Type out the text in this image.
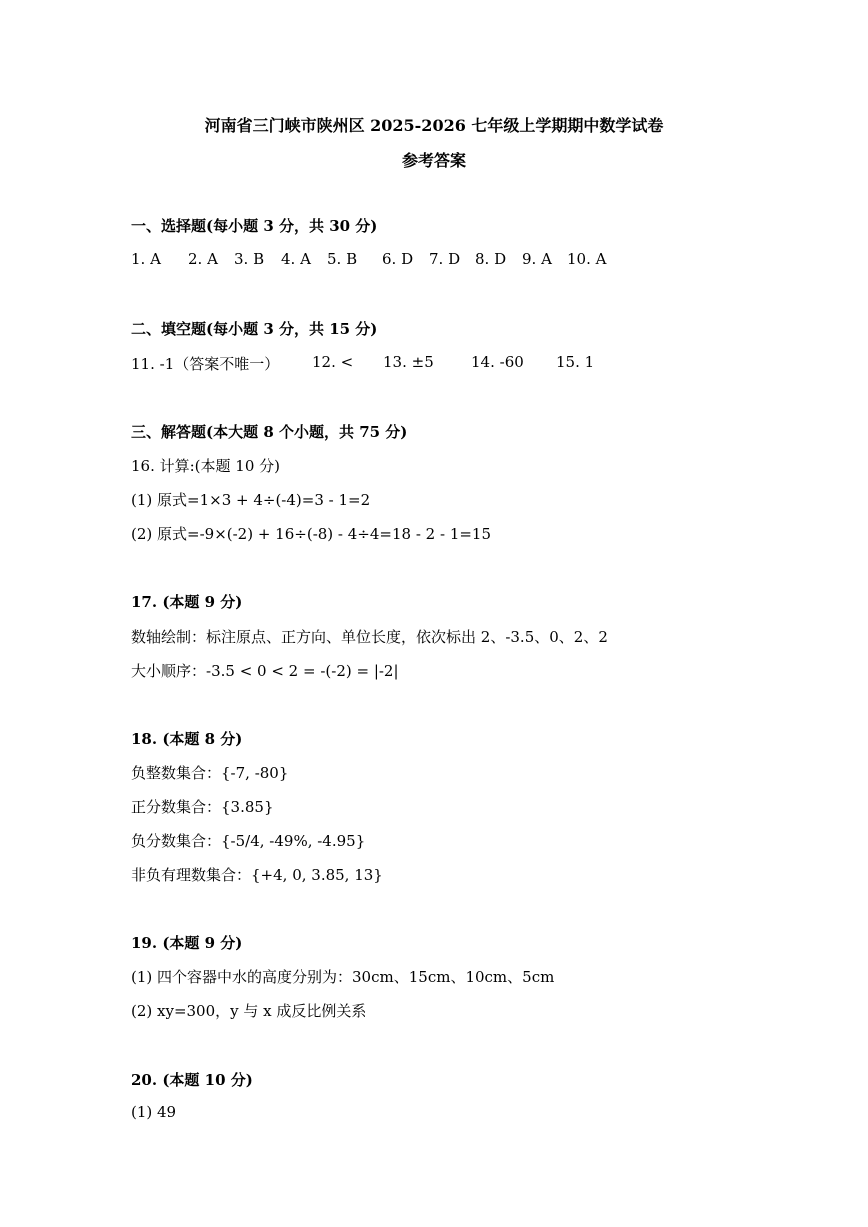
河南省三门峡市陕州区 2025-2026 七年级上学期期中数学试卷
参考答案
一、选择题(每小题 3 分，共 30 分)
1. A	2. A	3. B	4. A	5. B	6. D	7. D 8. D	9. A	10. A
二、填空题(每小题 3 分，共 15 分)
11. -1（答案不唯一）	12. <	13. ±5	14. -60	15. 1
三、解答题(本大题 8 个小题，共 75 分)
16. 计算:(本题 10 分)
(1) 原式=1×3 + 4÷(-4)=3 - 1=2
(2) 原式=-9×(-2) + 16÷(-8) - 4÷4=18 - 2 - 1=15
17. (本题 9 分)
数轴绘制：标注原点、正方向、单位长度，依次标出 2、-3.5、0、2、2
大小顺序：-3.5 < 0 < 2 = -(-2) = |-2|
18. (本题 8 分)
负整数集合：{-7, -80}
正分数集合：{3.85}
负分数集合：{-5/4, -49%, -4.95}
非负有理数集合：{+4, 0, 3.85, 13}
19. (本题 9 分)
(1) 四个容器中水的高度分别为：30cm、15cm、10cm、5cm
(2) xy=300，y 与 x 成反比例关系
20. (本题 10 分)
(1) 49
